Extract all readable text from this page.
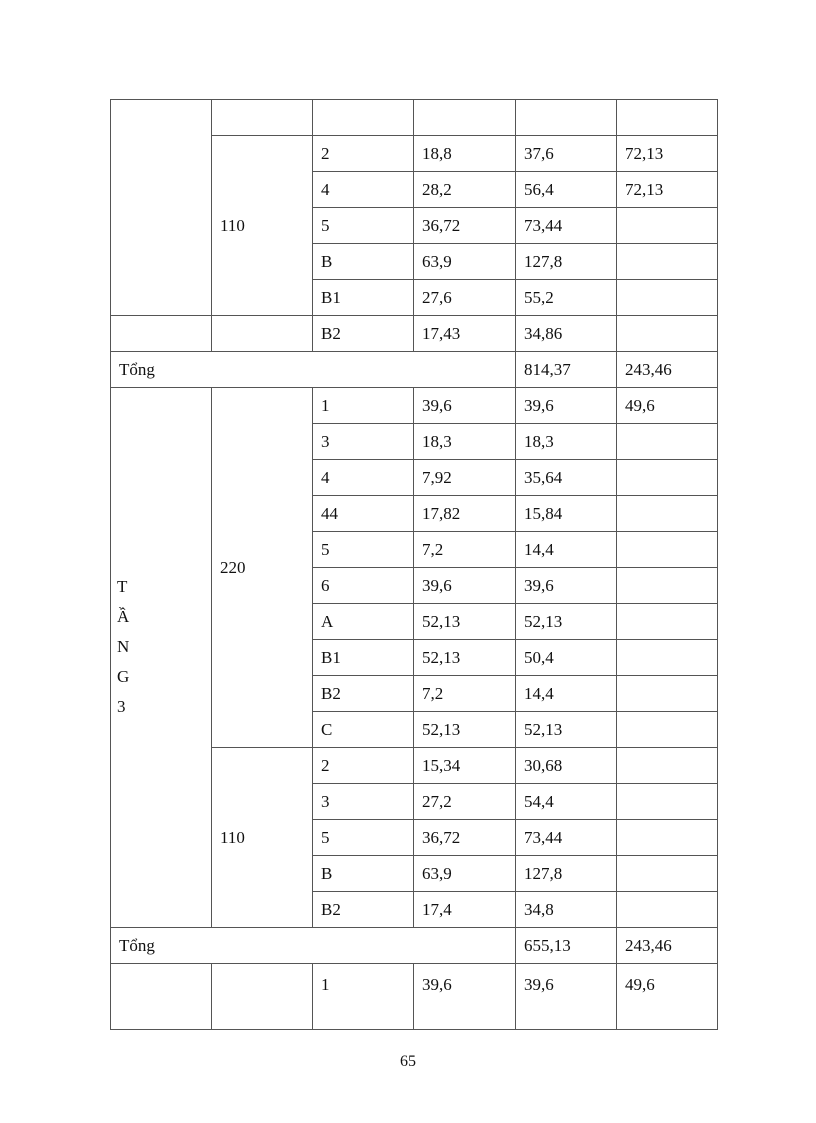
	110	2	18,8	37,6	72,13
		4	28,2	56,4	72,13
		5	36,72	73,44	
		B	63,9	127,8	
		B1	27,6	55,2	
		B2	17,43	34,86	
Tổng				814,37	243,46

T
Ầ
N
G
3	220	1	39,6	39,6	49,6
		3	18,3	18,3	
		4	7,92	35,64	
		44	17,82	15,84	
		5	7,2	14,4	
		6	39,6	39,6	
		A	52,13	52,13	
		B1	52,13	50,4	
		B2	7,2	14,4	
		C	52,13	52,13	
	110	2	15,34	30,68	
		3	27,2	54,4	
		5	36,72	73,44	
		B	63,9	127,8	
		B2	17,4	34,8	
Tổng				655,13	243,46
		1	39,6	39,6	49,6
65
